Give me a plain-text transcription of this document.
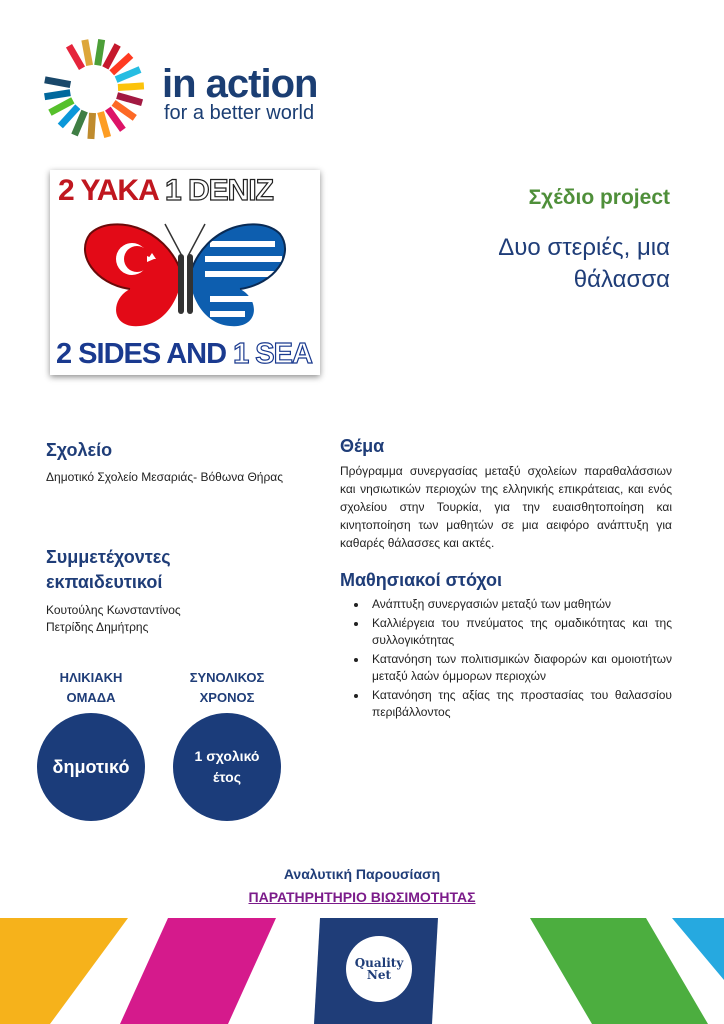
in action
for a better world
2 YAKA 1 DENIZ
2 SIDES AND 1 SEA
Σχέδιο project
Δυο στεριές, μια θάλασσα
Σχολείο
Δημοτικό Σχολείο Μεσαριάς- Βόθωνα Θήρας
Συμμετέχοντες εκπαιδευτικοί
Κουτούλης Κωνσταντίνος
Πετρίδης Δημήτρης
ΗΛΙΚΙΑΚΗ ΟΜΑΔΑ
ΣΥΝΟΛΙΚΟΣ ΧΡΟΝΟΣ
δημοτικό
1 σχολικό έτος
Θέμα
Πρόγραμμα συνεργασίας μεταξύ σχολείων παραθαλάσσιων και νησιωτικών περιοχών της ελληνικής επικράτειας, και ενός σχολείου στην Τουρκία, για την ευαισθητοποίηση και κινητοποίηση των μαθητών σε μια αειφόρο ανάπτυξη για καθαρές θάλασσες και ακτές.
Μαθησιακοί στόχοι
• Ανάπτυξη συνεργασιών μεταξύ των μαθητών
• Καλλιέργεια του πνεύματος της ομαδικότητας και της συλλογικότητας
• Κατανόηση των πολιτισμικών διαφορών και ομοιοτήτων μεταξύ λαών όμμορων περιοχών
• Κατανόηση της αξίας της προστασίας του θαλασσίου περιβάλλοντος
Αναλυτική Παρουσίαση
ΠΑΡΑΤΗΡΗΤΗΡΙΟ ΒΙΩΣΙΜΟΤΗΤΑΣ
Quality
Net
